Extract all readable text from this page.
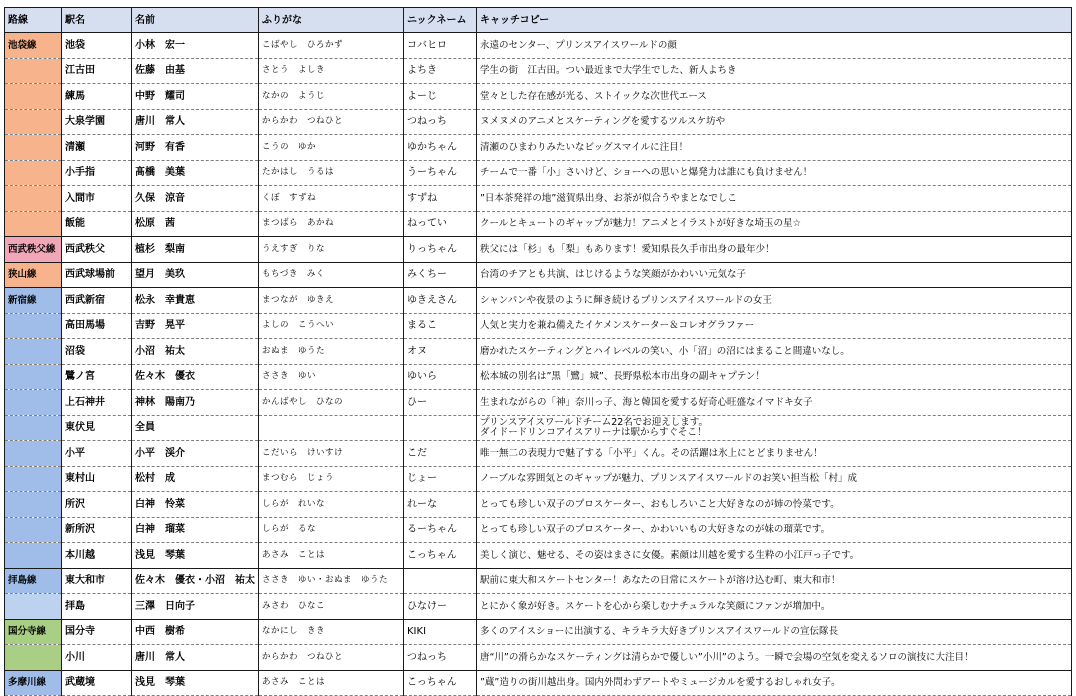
路線	駅名	名前	ふりがな	ニックネーム	キャッチコピー
池袋線	池袋	小林　宏一	こばやし　ひろかず	コバヒロ	永遠のセンター、プリンスアイスワールドの顔
	江古田	佐藤　由基	さとう　よしき	よちき	学生の街　江古田。つい最近まで大学生でした、新人よちき
	練馬	中野　耀司	なかの　ようじ	よーじ	堂々とした存在感が光る、ストイックな次世代エース
	大泉学園	唐川　常人	からかわ　つねひと	つねっち	ヌメヌメのアニメとスケーティングを愛するツルスケ坊や
	清瀬	河野　有香	こうの　ゆか	ゆかちゃん	清瀬のひまわりみたいなビッグスマイルに注目！
	小手指	髙橋　美葉	たかはし　うるは	うーちゃん	チームで一番「小」さいけど、ショーへの思いと爆発力は誰にも負けません！
	入間市	久保　涼音	くぼ　すずね	すずね	”日本茶発祥の地”滋賀県出身、お茶が似合うやまとなでしこ
	飯能	松原　茜	まつばら　あかね	ねってい	クールとキュートのギャップが魅力！アニメとイラストが好きな埼玉の星☆
西武秩父線	西武秩父	植杉　梨南	うえすぎ　りな	りっちゃん	秩父には「杉」も「梨」もあります！愛知県長久手市出身の最年少！
狭山線	西武球場前	望月　美玖	もちづき　みく	みくちー	台湾のチアとも共演、はじけるような笑顔がかわいい元気な子
新宿線	西武新宿	松永　幸貴恵	まつなが　ゆきえ	ゆきえさん	シャンパンや夜景のように輝き続けるプリンスアイスワールドの女王
	高田馬場	吉野　晃平	よしの　こうへい	まるこ	人気と実力を兼ね備えたイケメンスケーター＆コレオグラファー
	沼袋	小沼　祐太	おぬま　ゆうた	オヌ	磨かれたスケーティングとハイレベルの笑い、小「沼」の沼にはまること間違いなし。
	鷺ノ宮	佐々木　優衣	ささき　ゆい	ゆいら	松本城の別名は”黒「鷺」城”、長野県松本市出身の副キャプテン！
	上石神井	神林　陽南乃	かんばやし　ひなの	ひー	生まれながらの「神」奈川っ子、海と韓国を愛する好奇心旺盛なイマドキ女子
	東伏見	全員			プリンスアイスワールドチーム22名でお迎えします。
ダイドードリンコアイスアリーナは駅からすぐそこ！

	小平	小平　渓介	こだいら　けいすけ	こだ	唯一無二の表現力で魅了する「小平」くん。その活躍は氷上にとどまりません！
	東村山	松村　成	まつむら　じょう	じょー	ノーブルな雰囲気とのギャップが魅力、プリンスアイスワールドのお笑い担当松「村」成
	所沢	白神　怜菜	しらが　れいな	れーな	とっても珍しい双子のプロスケーター、おもしろいこと大好きなのが姉の怜菜です。
	新所沢	白神　瑠菜	しらが　るな	るーちゃん	とっても珍しい双子のプロスケーター、かわいいもの大好きなのが妹の瑠菜です。
	本川越	浅見　琴葉	あさみ　ことは	こっちゃん	美しく演じ、魅せる、その姿はまさに女優。素顔は川越を愛する生粋の小江戸っ子です。
拝島線	東大和市	佐々木　優衣・小沼　祐太	ささき　ゆい・おぬま　ゆうた		駅前に東大和スケートセンター！あなたの日常にスケートが溶け込む町、東大和市！
	拝島	三澤　日向子	みさわ　ひなこ	ひなけー	とにかく象が好き。スケートを心から楽しむナチュラルな笑顔にファンが増加中。
国分寺線	国分寺	中西　樹希	なかにし　きき	KIKI	多くのアイスショーに出演する、キラキラ大好きプリンスアイスワールドの宣伝隊長
	小川	唐川　常人	からかわ　つねひと	つねっち	唐“川”の滑らかなスケーティングは清らかで優しい”小川”のよう。一瞬で会場の空気を変えるソロの演技に大注目！
多摩川線	武蔵境	浅見　琴葉	あさみ　ことは	こっちゃん	”蔵”造りの街川越出身。国内外問わずアートやミュージカルを愛するおしゃれ女子。
